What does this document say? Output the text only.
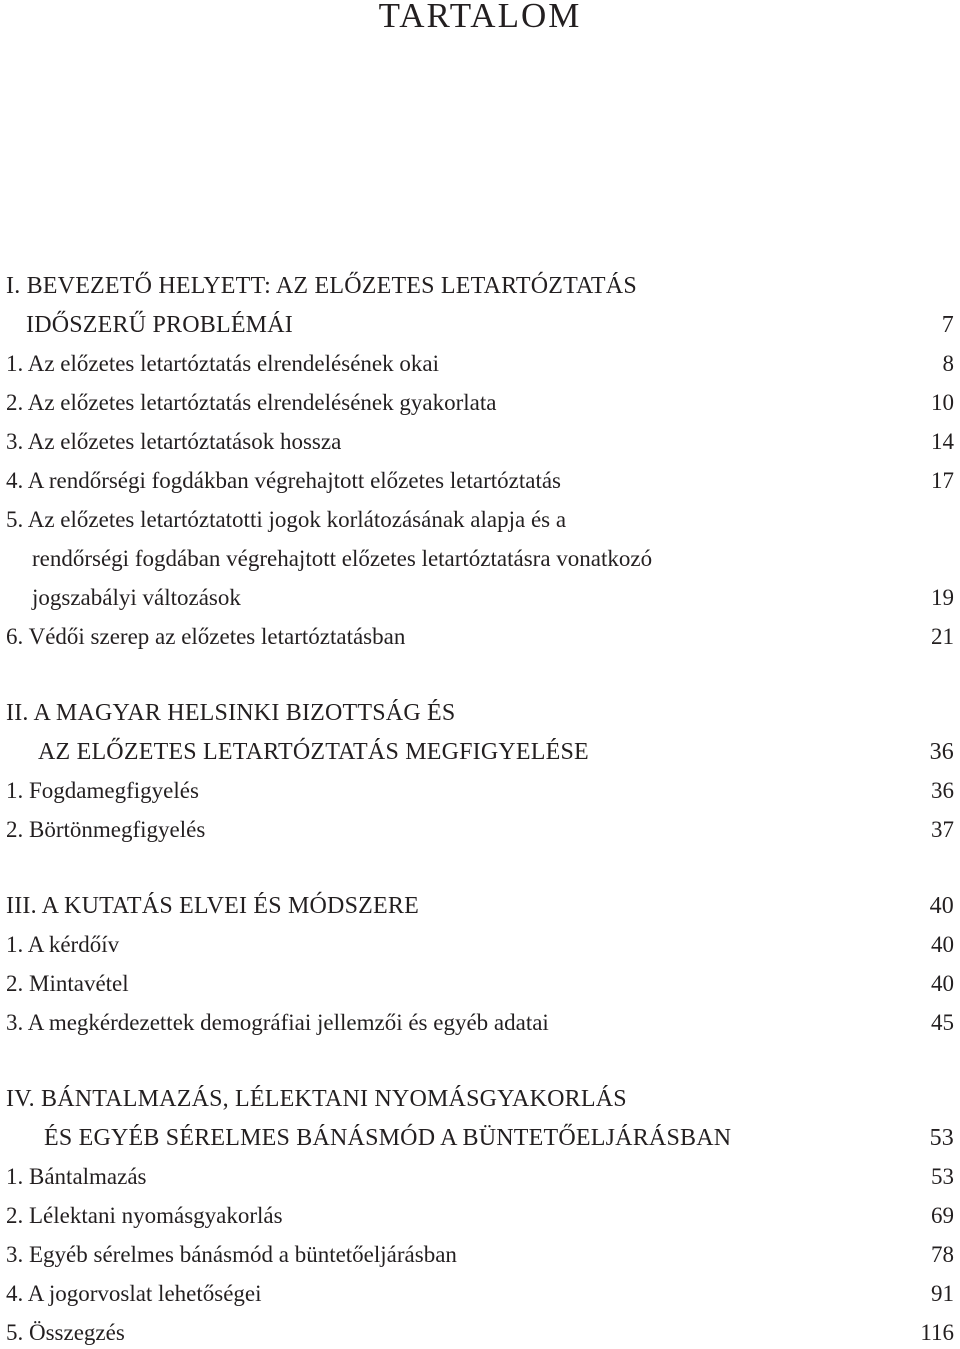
TARTALOM
I. BEVEZETŐ HELYETT: AZ ELŐZETES LETARTÓZTATÁS
IDŐSZERŰ PROBLÉMÁI	7
1. Az előzetes letartóztatás elrendelésének okai	8
2. Az előzetes letartóztatás elrendelésének gyakorlata	10
3. Az előzetes letartóztatások hossza	14
4. A rendőrségi fogdákban végrehajtott előzetes letartóztatás	17
5. Az előzetes letartóztatotti jogok korlátozásának alapja és a
rendőrségi fogdában végrehajtott előzetes letartóztatásra vonatkozó
jogszabályi változások	19
6. Védői szerep az előzetes letartóztatásban	21
II. A MAGYAR HELSINKI BIZOTTSÁG ÉS
AZ ELŐZETES LETARTÓZTATÁS MEGFIGYELÉSE	36
1. Fogdamegfigyelés	36
2. Börtönmegfigyelés	37
III. A KUTATÁS ELVEI ÉS MÓDSZERE	40
1. A kérdőív	40
2. Mintavétel	40
3. A megkérdezettek demográfiai jellemzői és egyéb adatai	45
IV. BÁNTALMAZÁS, LÉLEKTANI NYOMÁSGYAKORLÁS
ÉS EGYÉB SÉRELMES BÁNÁSMÓD A BÜNTETŐELJÁRÁSBAN	53
1. Bántalmazás	53
2. Lélektani nyomásgyakorlás	69
3. Egyéb sérelmes bánásmód a büntetőeljárásban	78
4. A jogorvoslat lehetőségei	91
5. Összegzés	116
